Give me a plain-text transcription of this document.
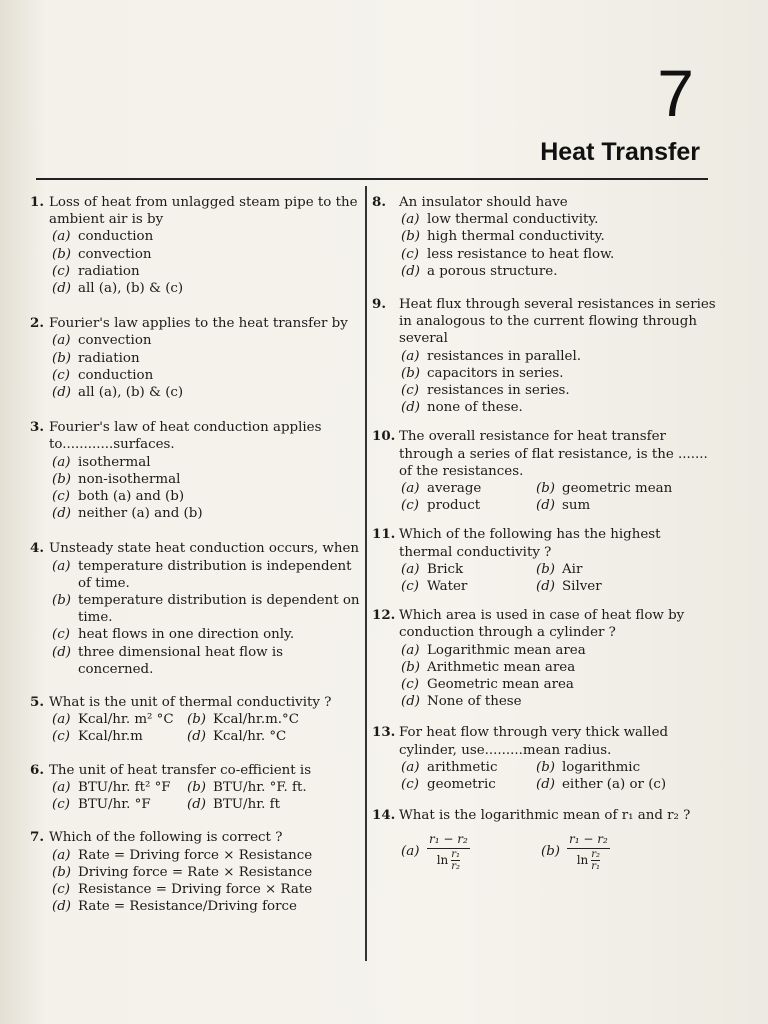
7
Heat Transfer
1. Loss of heat from unlagged steam pipe to the ambient air is by
(a) conduction
(b) convection
(c) radiation
(d) all (a), (b) & (c)
2. Fourier's law applies to the heat transfer by
(a) convection
(b) radiation
(c) conduction
(d) all (a), (b) & (c)
3. Fourier's law of heat conduction applies to............surfaces.
(a) isothermal
(b) non-isothermal
(c) both (a) and (b)
(d) neither (a) and (b)
4. Unsteady state heat conduction occurs, when
(a) temperature distribution is independent of time.
(b) temperature distribution is dependent on time.
(c) heat flows in one direction only.
(d) three dimensional heat flow is concerned.
5. What is the unit of thermal conductivity ?
(a) Kcal/hr. m² °C (b) Kcal/hr.m.°C
(c) Kcal/hr.m	(d) Kcal/hr. °C
6. The unit of heat transfer co-efficient is
(a) BTU/hr. ft² °F (b) BTU/hr. °F. ft.
(c) BTU/hr. °F	(d) BTU/hr. ft
7. Which of the following is correct ?
(a) Rate = Driving force × Resistance
(b) Driving force = Rate × Resistance
(c) Resistance = Driving force × Rate
(d) Rate = Resistance/Driving force
8. An insulator should have
(a) low thermal conductivity.
(b) high thermal conductivity.
(c) less resistance to heat flow.
(d) a porous structure.
9. Heat flux through several resistances in series in analogous to the current flowing through several
(a) resistances in parallel.
(b) capacitors in series.
(c) resistances in series.
(d) none of these.
10. The overall resistance for heat transfer through a series of flat resistance, is the ....... of the resistances.
(a) average	(b) geometric mean
(c) product	(d) sum
11. Which of the following has the highest thermal conductivity ?
(a) Brick	(b) Air
(c) Water	(d) Silver
12. Which area is used in case of heat flow by conduction through a cylinder ?
(a) Logarithmic mean area
(b) Arithmetic mean area
(c) Geometric mean area
(d) None of these
13. For heat flow through very thick walled cylinder, use.........mean radius.
(a) arithmetic	(b) logarithmic
(c) geometric	(d) either (a) or (c)
14. What is the logarithmic mean of r₁ and r₂ ?
$(a) \frac{\text{r₁ − r₂}}{\ln \frac{\text{r₁}}{\text{r₂}}}$	$(b) \frac{\text{r₁ − r₂}}{\ln \frac{\text{r₂}}{\text{r₁}}}$
